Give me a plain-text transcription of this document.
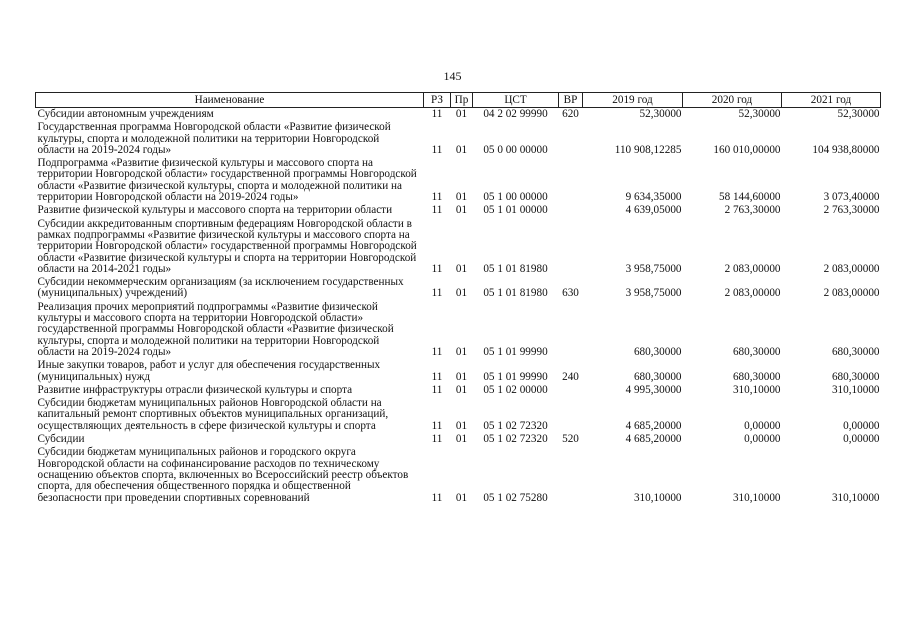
145
Наименование	РЗ	Пр	ЦСТ	ВР	2019 год	2020 год	2021 год
Субсидии автономным учреждениям	11	01	04 2 02 99990	620	52,30000	52,30000	52,30000
Государственная программа Новгородской области «Развитие физической культуры, спорта и молодежной политики на территории Новгородской области на 2019-2024 годы»	11	01	05 0 00 00000		110 908,12285	160 010,00000	104 938,80000
Подпрограмма «Развитие физической культуры и массового спорта на территории Новгородской области» государственной программы Новгородской области «Развитие физической культуры, спорта и молодежной политики на территории Новгородской области на 2019-2024 годы»	11	01	05 1 00 00000		9 634,35000	58 144,60000	3 073,40000
Развитие физической культуры и массового спорта на территории области	11	01	05 1 01 00000		4 639,05000	2 763,30000	2 763,30000
Субсидии аккредитованным спортивным федерациям Новгородской области в рамках подпрограммы «Развитие физической культуры и массового спорта на территории Новгородской области» государственной программы Новгородской области «Развитие физической культуры и спорта на территории Новгородской области на 2014-2021 годы»	11	01	05 1 01 81980		3 958,75000	2 083,00000	2 083,00000
Субсидии некоммерческим организациям (за исключением государственных (муниципальных) учреждений)	11	01	05 1 01 81980	630	3 958,75000	2 083,00000	2 083,00000
Реализация прочих мероприятий подпрограммы «Развитие физической культуры и массового спорта на территории Новгородской области» государственной программы Новгородской области «Развитие физической культуры, спорта и молодежной политики на территории Новгородской области на 2019-2024 годы»	11	01	05 1 01 99990		680,30000	680,30000	680,30000
Иные закупки товаров, работ и услуг для обеспечения государственных (муниципальных) нужд	11	01	05 1 01 99990	240	680,30000	680,30000	680,30000
Развитие инфраструктуры отрасли физической культуры и спорта	11	01	05 1 02 00000		4 995,30000	310,10000	310,10000
Субсидии бюджетам муниципальных районов Новгородской области на капитальный ремонт спортивных объектов муниципальных организаций, осуществляющих деятельность в сфере физической культуры и спорта	11	01	05 1 02 72320		4 685,20000	0,00000	0,00000
Субсидии	11	01	05 1 02 72320	520	4 685,20000	0,00000	0,00000
Субсидии бюджетам муниципальных районов и городского округа Новгородской области на софинансирование расходов по техническому оснащению объектов спорта, включенных во Всероссийский реестр объектов спорта, для обеспечения общественного порядка и общественной безопасности при проведении спортивных соревнований	11	01	05 1 02 75280		310,10000	310,10000	310,10000
